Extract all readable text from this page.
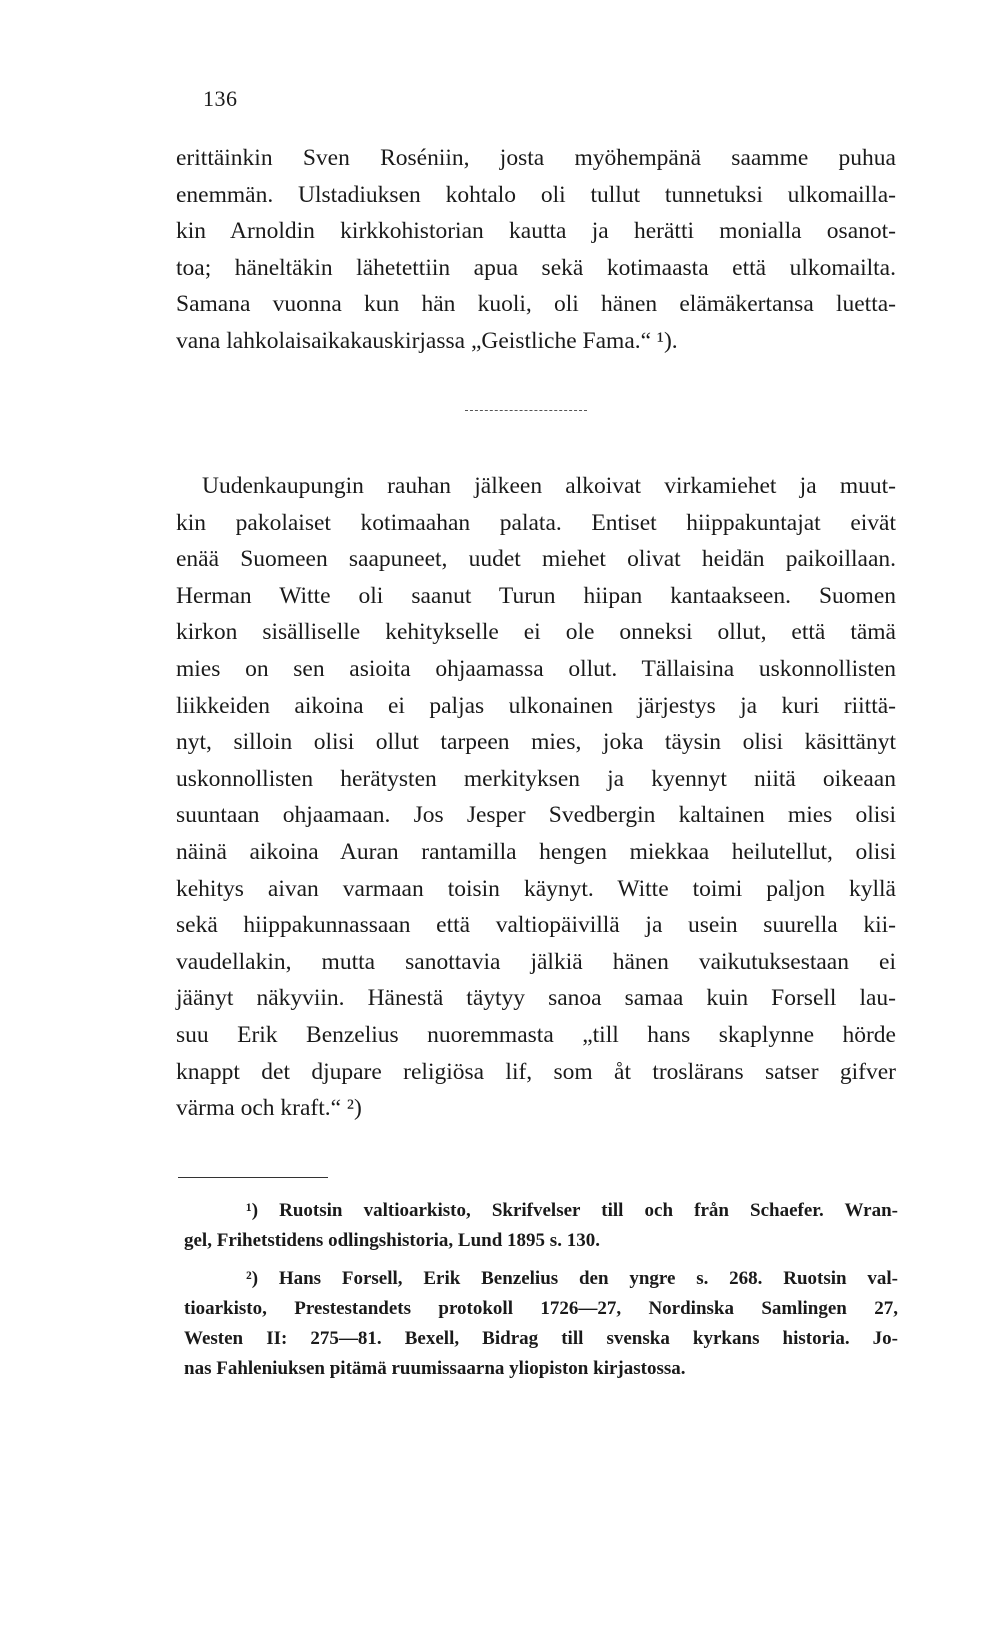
136
erittäinkin Sven Roséniin, josta myöhempänä saamme puhua
enemmän. Ulstadiuksen kohtalo oli tullut tunnetuksi ulkomailla-
kin Arnoldin kirkkohistorian kautta ja herätti monialla osanot-
toa; häneltäkin lähetettiin apua sekä kotimaasta että ulkomailta.
Samana vuonna kun hän kuoli, oli hänen elämäkertansa luetta-
vana lahkolaisaikakauskirjassa „Geistliche Fama.“ ¹).
Uudenkaupungin rauhan jälkeen alkoivat virkamiehet ja muut-
kin pakolaiset kotimaahan palata. Entiset hiippakuntajat eivät
enää Suomeen saapuneet, uudet miehet olivat heidän paikoillaan.
Herman Witte oli saanut Turun hiipan kantaakseen. Suomen
kirkon sisälliselle kehitykselle ei ole onneksi ollut, että tämä
mies on sen asioita ohjaamassa ollut. Tällaisina uskonnollisten
liikkeiden aikoina ei paljas ulkonainen järjestys ja kuri riittä-
nyt, silloin olisi ollut tarpeen mies, joka täysin olisi käsittänyt
uskonnollisten herätysten merkityksen ja kyennyt niitä oikeaan
suuntaan ohjaamaan. Jos Jesper Svedbergin kaltainen mies olisi
näinä aikoina Auran rantamilla hengen miekkaa heilutellut, olisi
kehitys aivan varmaan toisin käynyt. Witte toimi paljon kyllä
sekä hiippakunnassaan että valtiopäivillä ja usein suurella kii-
vaudellakin, mutta sanottavia jälkiä hänen vaikutuksestaan ei
jäänyt näkyviin. Hänestä täytyy sanoa samaa kuin Forsell lau-
suu Erik Benzelius nuoremmasta „till hans skaplynne hörde
knappt det djupare religiösa lif, som åt troslärans satser gifver
värma och kraft.“ ²)
¹) Ruotsin valtioarkisto, Skrifvelser till och från Schaefer. Wran-
gel, Frihetstidens odlingshistoria, Lund 1895 s. 130.
²) Hans Forsell, Erik Benzelius den yngre s. 268. Ruotsin val-
tioarkisto, Prestestandets protokoll 1726—27, Nordinska Samlingen 27,
Westen II: 275—81. Bexell, Bidrag till svenska kyrkans historia. Jo-
nas Fahleniuksen pitämä ruumissaarna yliopiston kirjastossa.
